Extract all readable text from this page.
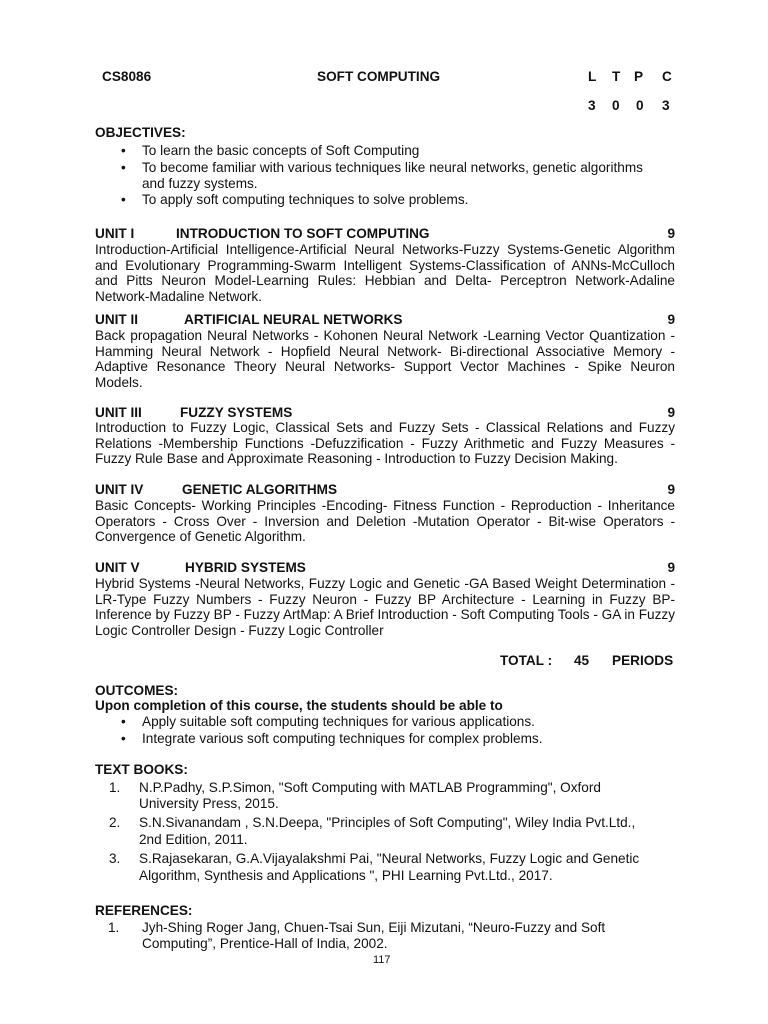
CS8086	SOFT COMPUTING	L T P C
3 0 0 3
OBJECTIVES:
• To learn the basic concepts of Soft Computing
• To become familiar with various techniques like neural networks, genetic algorithms
and fuzzy systems.
• To apply soft computing techniques to solve problems.
UNIT I	INTRODUCTION TO SOFT COMPUTING	9
Introduction-Artificial Intelligence-Artificial Neural Networks-Fuzzy Systems-Genetic Algorithm and Evolutionary Programming-Swarm Intelligent Systems-Classification of ANNs-McCulloch and Pitts Neuron Model-Learning Rules: Hebbian and Delta- Perceptron Network-Adaline Network-Madaline Network.
UNIT II	ARTIFICIAL NEURAL NETWORKS	9
Back propagation Neural Networks - Kohonen Neural Network -Learning Vector Quantization -Hamming Neural Network - Hopfield Neural Network- Bi-directional Associative Memory -Adaptive Resonance Theory Neural Networks- Support Vector Machines - Spike Neuron Models.
UNIT III	FUZZY SYSTEMS	9
Introduction to Fuzzy Logic, Classical Sets and Fuzzy Sets - Classical Relations and Fuzzy Relations -Membership Functions -Defuzzification - Fuzzy Arithmetic and Fuzzy Measures - Fuzzy Rule Base and Approximate Reasoning - Introduction to Fuzzy Decision Making.
UNIT IV	GENETIC ALGORITHMS	9
Basic Concepts- Working Principles -Encoding- Fitness Function - Reproduction - Inheritance Operators - Cross Over - Inversion and Deletion -Mutation Operator - Bit-wise Operators -Convergence of Genetic Algorithm.
UNIT V	HYBRID SYSTEMS	9
Hybrid Systems -Neural Networks, Fuzzy Logic and Genetic -GA Based Weight Determination - LR-Type Fuzzy Numbers - Fuzzy Neuron - Fuzzy BP Architecture - Learning in Fuzzy BP- Inference by Fuzzy BP - Fuzzy ArtMap: A Brief Introduction - Soft Computing Tools - GA in Fuzzy Logic Controller Design - Fuzzy Logic Controller
TOTAL : 45 PERIODS
OUTCOMES:
Upon completion of this course, the students should be able to
• Apply suitable soft computing techniques for various applications.
• Integrate various soft computing techniques for complex problems.
TEXT BOOKS:
1. N.P.Padhy, S.P.Simon, "Soft Computing with MATLAB Programming", Oxford
University Press, 2015.
2. S.N.Sivanandam , S.N.Deepa, "Principles of Soft Computing", Wiley India Pvt.Ltd.,
2nd Edition, 2011.
3. S.Rajasekaran, G.A.Vijayalakshmi Pai, "Neural Networks, Fuzzy Logic and Genetic
Algorithm, Synthesis and Applications ", PHI Learning Pvt.Ltd., 2017.
REFERENCES:
1. Jyh-Shing Roger Jang, Chuen-Tsai Sun, Eiji Mizutani, “Neuro-Fuzzy and Soft
Computing”, Prentice-Hall of India, 2002.
117
